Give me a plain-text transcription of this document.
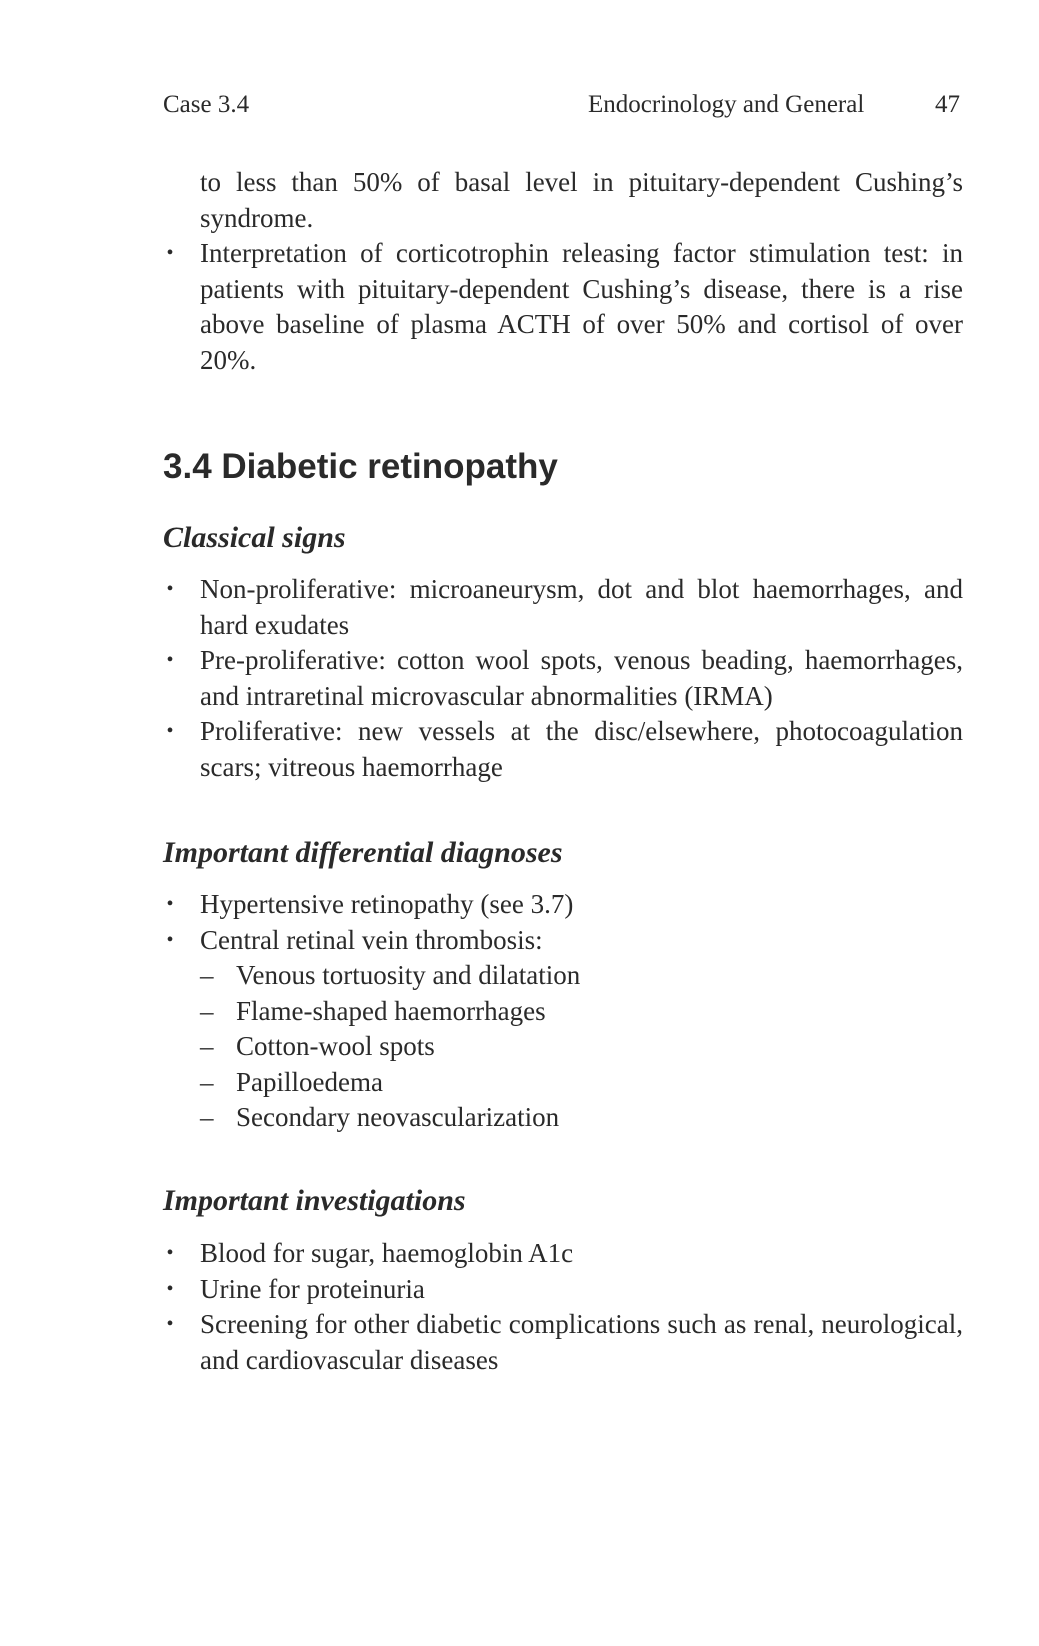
Case 3.4	Endocrinology and General	47

to less than 50% of basal level in pituitary-dependent Cushing’s syndrome.

• Interpretation of corticotrophin releasing factor stimulation test: in patients with pituitary-dependent Cushing’s disease, there is a rise above baseline of plasma ACTH of over 50% and cortisol of over 20%.
3.4 Diabetic retinopathy
Classical signs
• Non-proliferative: microaneurysm, dot and blot haemorrhages, and hard exudates
• Pre-proliferative: cotton wool spots, venous beading, haemorrhages, and intraretinal microvascular abnormalities (IRMA)
• Proliferative: new vessels at the disc/elsewhere, photocoagulation scars; vitreous haemorrhage
Important differential diagnoses
• Hypertensive retinopathy (see 3.7)
• Central retinal vein thrombosis:
– Venous tortuosity and dilatation
– Flame-shaped haemorrhages
– Cotton-wool spots
– Papilloedema
– Secondary neovascularization
Important investigations
• Blood for sugar, haemoglobin A1c
• Urine for proteinuria
• Screening for other diabetic complications such as renal, neurological, and cardiovascular diseases
